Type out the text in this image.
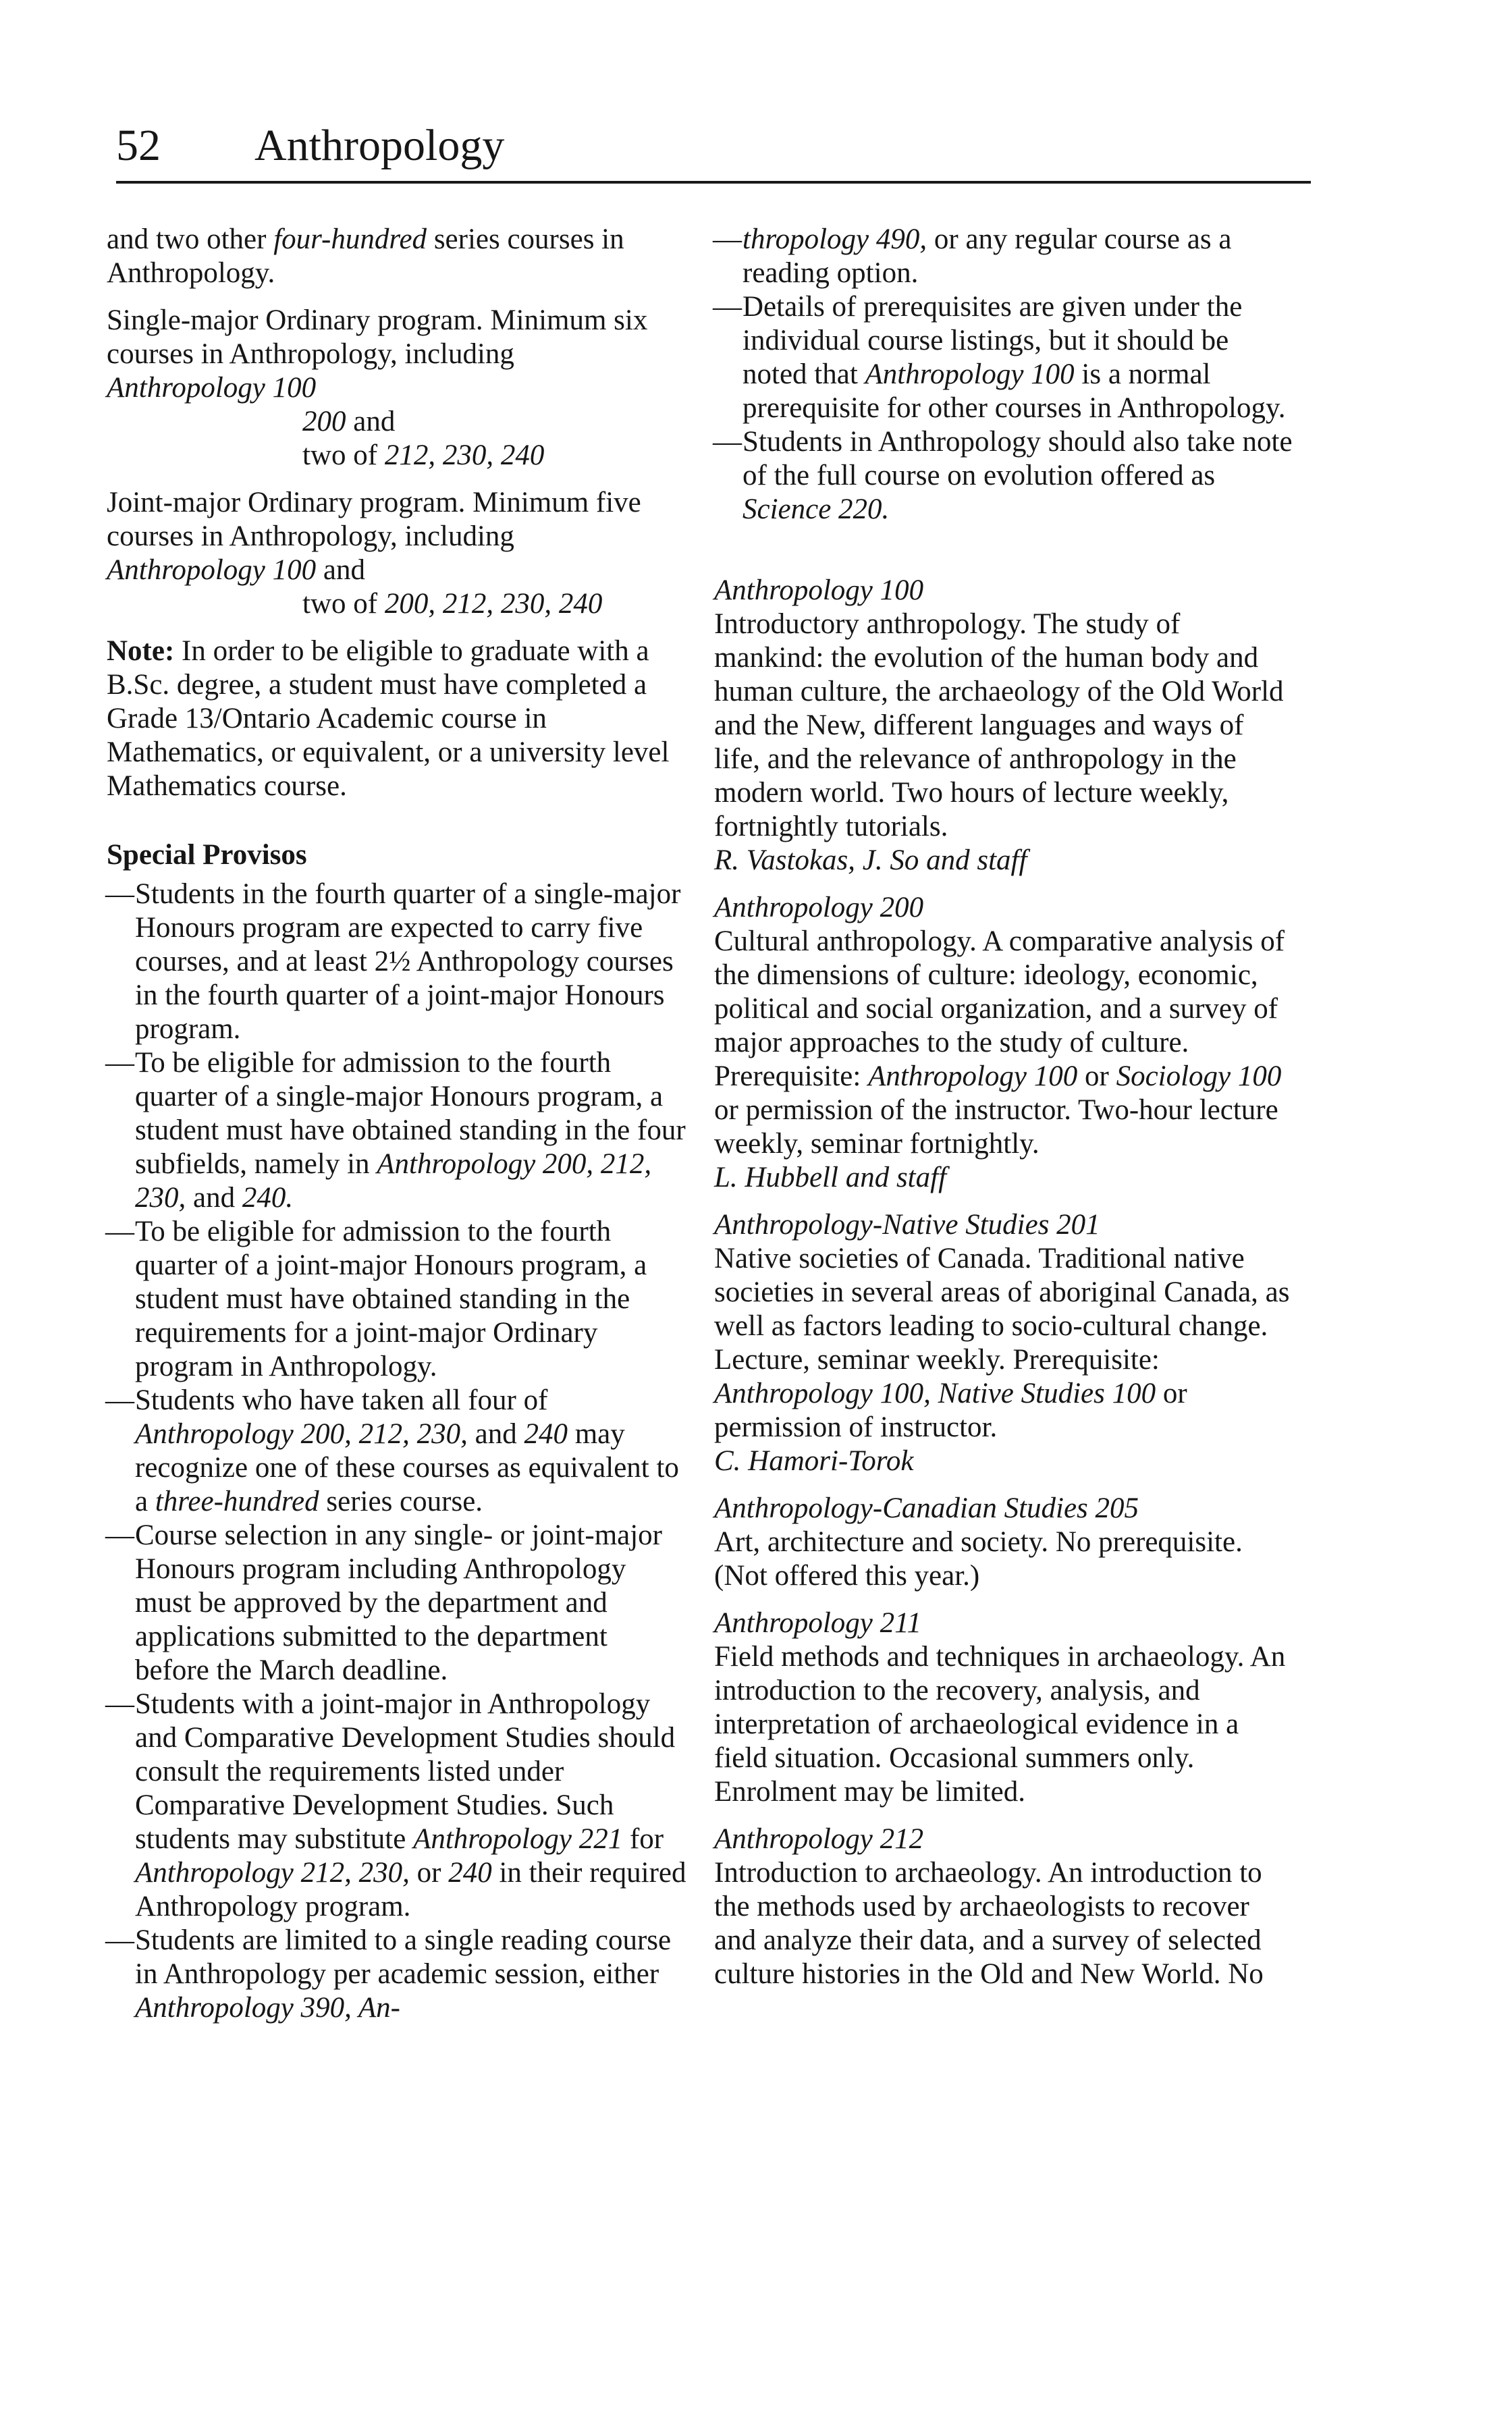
52 Anthropology

and two other four-hundred series courses in Anthropology.

Single-major Ordinary program. Minimum six courses in Anthropology, including
Anthropology 100
200 and
two of 212, 230, 240

Joint-major Ordinary program. Minimum five courses in Anthropology, including
Anthropology 100 and
two of 200, 212, 230, 240

Note: In order to be eligible to graduate with a B.Sc. degree, a student must have completed a Grade 13/Ontario Academic course in Mathematics, or equivalent, or a university level Mathematics course.

Special Provisos
— Students in the fourth quarter of a single-major Honours program are expected to carry five courses, and at least 2½ Anthropology courses in the fourth quarter of a joint-major Honours program.
— To be eligible for admission to the fourth quarter of a single-major Honours program, a student must have obtained standing in the four subfields, namely in Anthropology 200, 212, 230, and 240.
— To be eligible for admission to the fourth quarter of a joint-major Honours program, a student must have obtained standing in the requirements for a joint-major Ordinary program in Anthropology.
— Students who have taken all four of Anthropology 200, 212, 230, and 240 may recognize one of these courses as equivalent to a three-hundred series course.
— Course selection in any single- or joint-major Honours program including Anthropology must be approved by the department and applications submitted to the department before the March deadline.
— Students with a joint-major in Anthropology and Comparative Development Studies should consult the requirements listed under Comparative Development Studies. Such students may substitute Anthropology 221 for Anthropology 212, 230, or 240 in their required Anthropology program.
— Students are limited to a single reading course in Anthropology per academic session, either Anthropology 390, An-
— thropology 490, or any regular course as a reading option.
— Details of prerequisites are given under the individual course listings, but it should be noted that Anthropology 100 is a normal prerequisite for other courses in Anthropology.
— Students in Anthropology should also take note of the full course on evolution offered as Science 220.
Anthropology 100
Introductory anthropology. The study of mankind: the evolution of the human body and human culture, the archaeology of the Old World and the New, different languages and ways of life, and the relevance of anthropology in the modern world. Two hours of lecture weekly, fortnightly tutorials.
R. Vastokas, J. So and staff
Anthropology 200
Cultural anthropology. A comparative analysis of the dimensions of culture: ideology, economic, political and social organization, and a survey of major approaches to the study of culture. Prerequisite: Anthropology 100 or Sociology 100 or permission of the instructor. Two-hour lecture weekly, seminar fortnightly.
L. Hubbell and staff
Anthropology-Native Studies 201
Native societies of Canada. Traditional native societies in several areas of aboriginal Canada, as well as factors leading to socio-cultural change. Lecture, seminar weekly. Prerequisite: Anthropology 100, Native Studies 100 or permission of instructor.
C. Hamori-Torok
Anthropology-Canadian Studies 205
Art, architecture and society. No prerequisite. (Not offered this year.)
Anthropology 211
Field methods and techniques in archaeology. An introduction to the recovery, analysis, and interpretation of archaeological evidence in a field situation. Occasional summers only. Enrolment may be limited.
Anthropology 212
Introduction to archaeology. An introduction to the methods used by archaeologists to recover and analyze their data, and a survey of selected culture histories in the Old and New World. No
